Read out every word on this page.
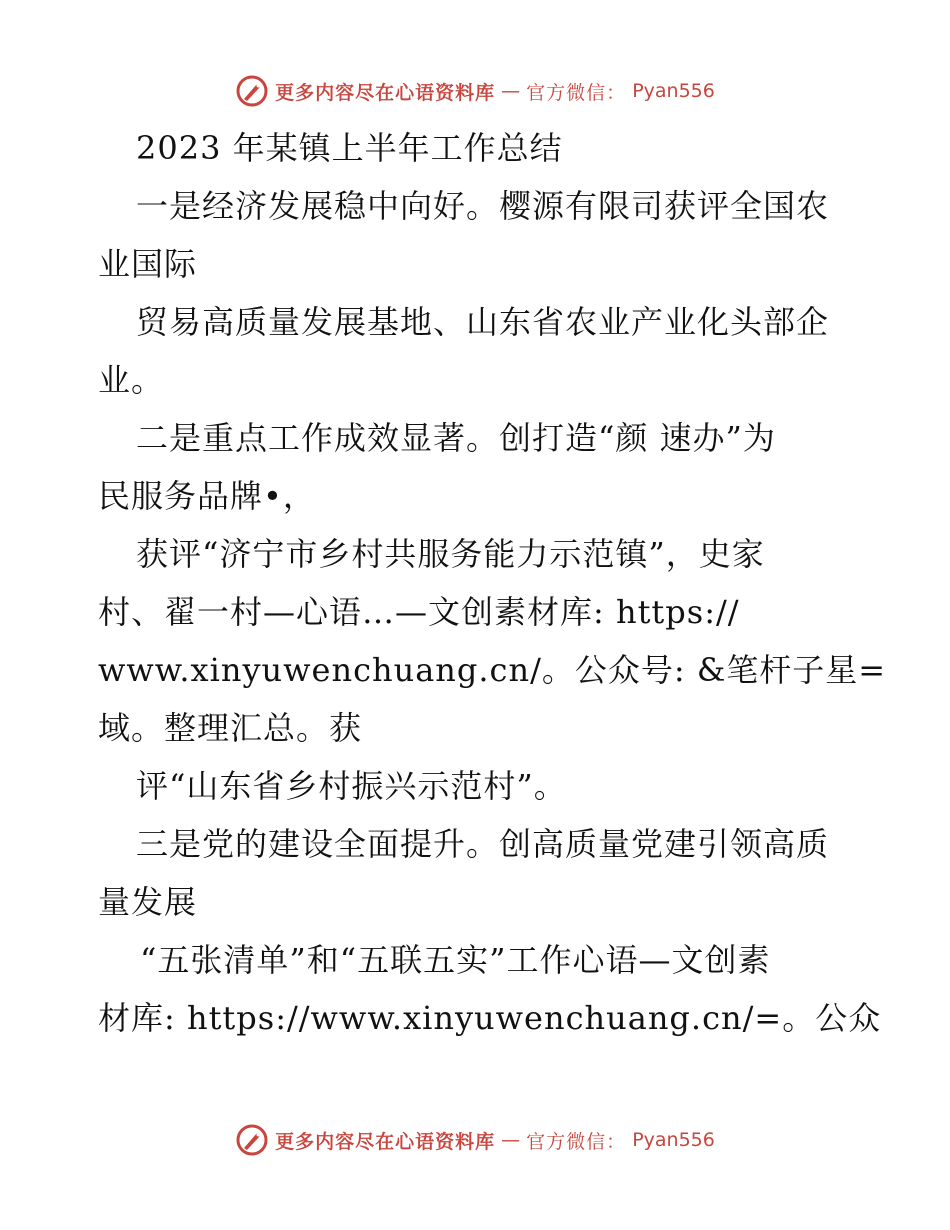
更多内容尽在心语资料库 — 官方微信： Pyan556
2023 年某镇上半年工作总结
一是经济发展稳中向好。樱源有限司获评全国农
业国际
贸易高质量发展基地、山东省农业产业化头部企
业。
二是重点工作成效显著。创打造“颜 速办”为
民服务品牌•，
获评“济宁市乡村共服务能力示范镇”，史家
村、翟一村—心语…—文创素材库: https://
www.xinyuwenchuang.cn/。公众号: &笔杆子星=
域。整理汇总。获
评“山东省乡村振兴示范村”。
三是党的建设全面提升。创高质量党建引领高质
量发展
“五张清单”和“五联五实”工作心语—文创素
材库: https://www.xinyuwenchuang.cn/=。公众
更多内容尽在心语资料库 — 官方微信： Pyan556
